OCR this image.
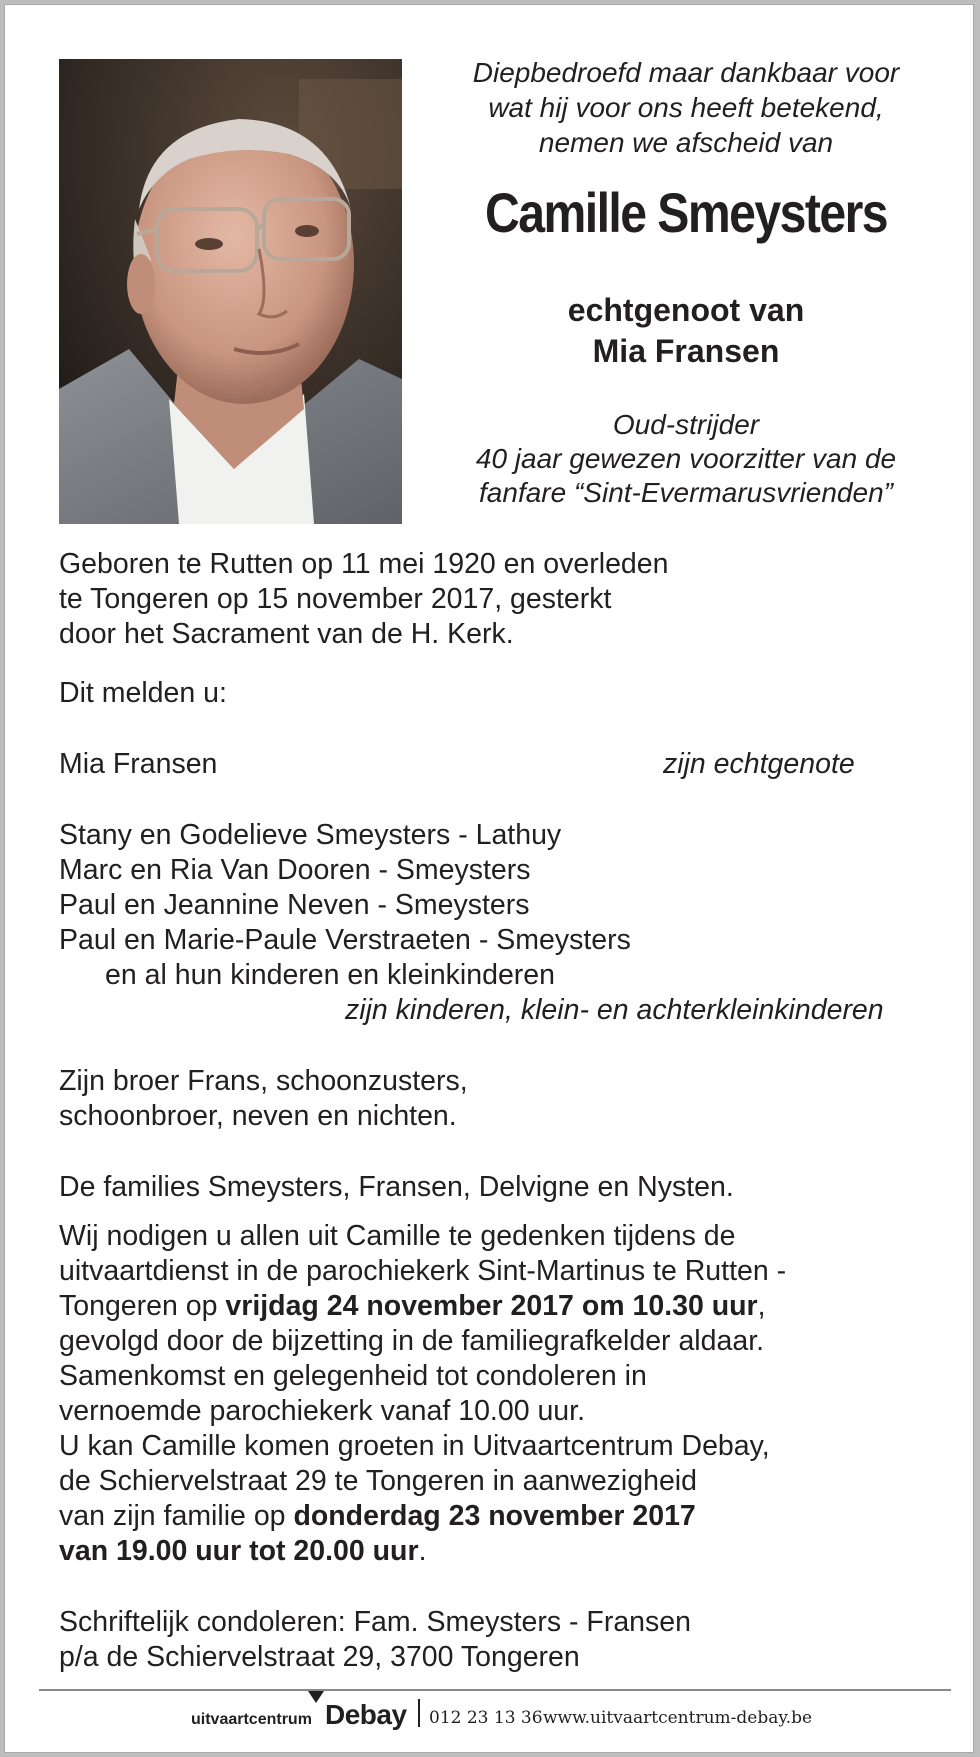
Diepbedroefd maar dankbaar voor
wat hij voor ons heeft betekend,
nemen we afscheid van
Camille Smeysters
echtgenoot van
Mia Fransen
Oud-strijder
40 jaar gewezen voorzitter van de
fanfare “Sint-Evermarusvrienden”
Geboren te Rutten op 11 mei 1920 en overleden
te Tongeren op 15 november 2017, gesterkt
door het Sacrament van de H. Kerk.
Dit melden u:
Mia Fransen	zijn echtgenote
Stany en Godelieve Smeysters - Lathuy
Marc en Ria Van Dooren - Smeysters
Paul en Jeannine Neven - Smeysters
Paul en Marie-Paule Verstraeten - Smeysters
en al hun kinderen en kleinkinderen
zijn kinderen, klein- en achterkleinkinderen
Zijn broer Frans, schoonzusters,
schoonbroer, neven en nichten.
De families Smeysters, Fransen, Delvigne en Nysten.
Wij nodigen u allen uit Camille te gedenken tijdens de
uitvaartdienst in de parochiekerk Sint-Martinus te Rutten -
Tongeren op vrijdag 24 november 2017 om 10.30 uur,
gevolgd door de bijzetting in de familiegrafkelder aldaar.
Samenkomst en gelegenheid tot condoleren in
vernoemde parochiekerk vanaf 10.00 uur.
U kan Camille komen groeten in Uitvaartcentrum Debay,
de Schiervelstraat 29 te Tongeren in aanwezigheid
van zijn familie op donderdag 23 november 2017
van 19.00 uur tot 20.00 uur.
Schriftelijk condoleren: Fam. Smeysters - Fransen
p/a de Schiervelstraat 29, 3700 Tongeren
uitvaartcentrum Debay 012 23 13 36 www.uitvaartcentrum-debay.be
